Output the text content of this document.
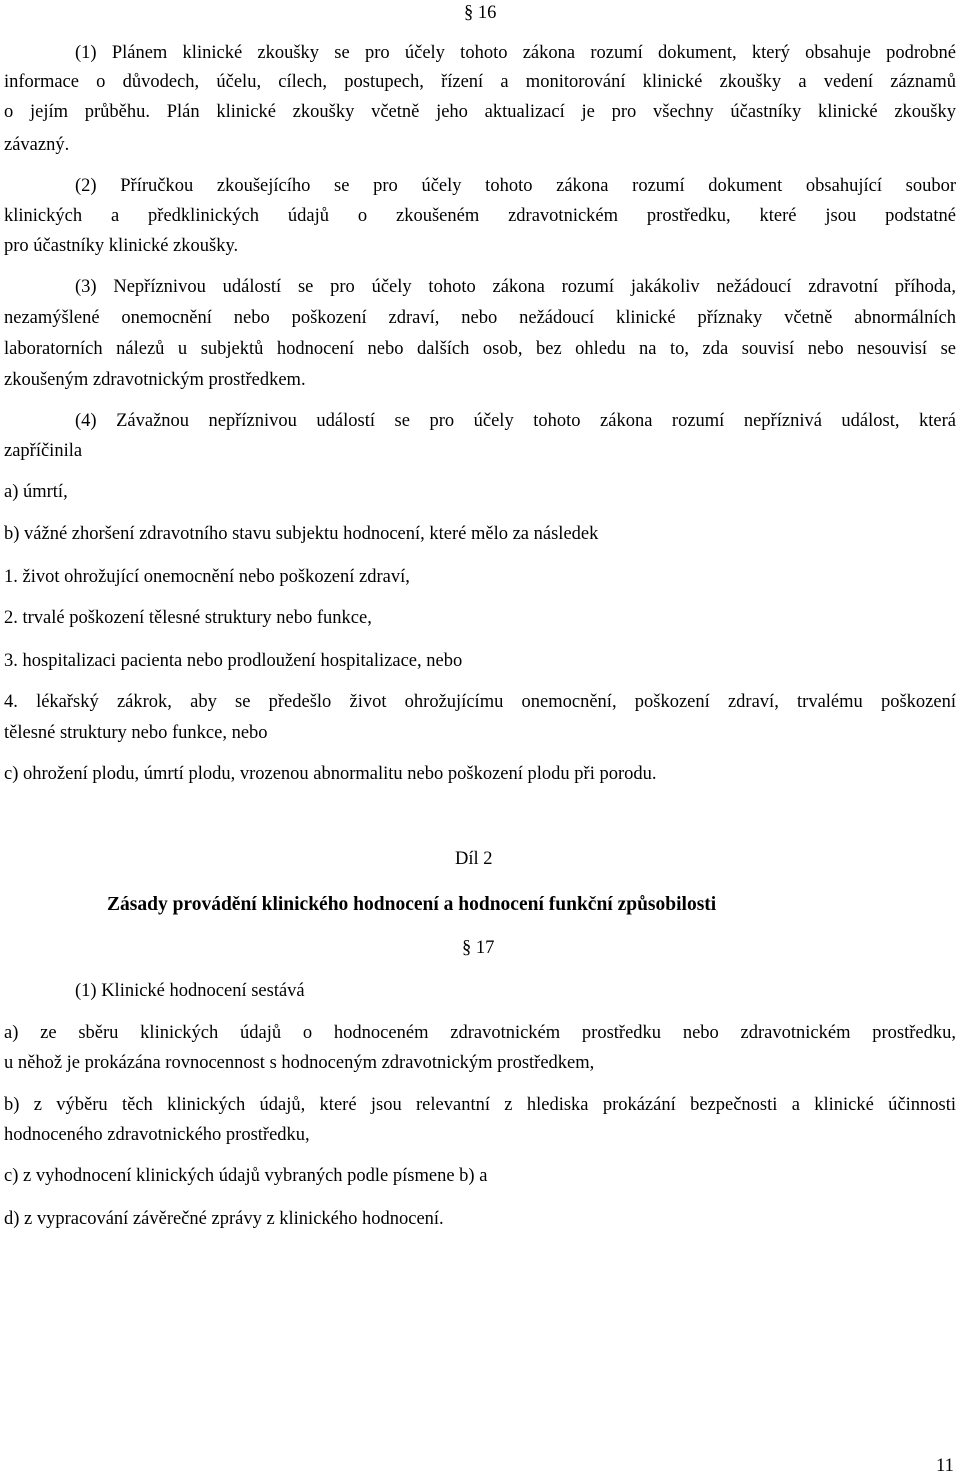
§ 16
(1) Plánem klinické zkoušky se pro účely tohoto zákona rozumí dokument, který obsahuje podrobné
informace o důvodech, účelu, cílech, postupech, řízení a monitorování klinické zkoušky a vedení záznamů
o jejím průběhu. Plán klinické zkoušky včetně jeho aktualizací je pro všechny účastníky klinické zkoušky
závazný.
(2) Příručkou zkoušejícího se pro účely tohoto zákona rozumí dokument obsahující soubor
klinických a předklinických údajů o zkoušeném zdravotnickém prostředku, které jsou podstatné
pro účastníky klinické zkoušky.
(3) Nepříznivou událostí se pro účely tohoto zákona rozumí jakákoliv nežádoucí zdravotní příhoda,
nezamýšlené onemocnění nebo poškození zdraví, nebo nežádoucí klinické příznaky včetně abnormálních
laboratorních nálezů u subjektů hodnocení nebo dalších osob, bez ohledu na to, zda souvisí nebo nesouvisí se
zkoušeným zdravotnickým prostředkem.
(4) Závažnou nepříznivou událostí se pro účely tohoto zákona rozumí nepříznivá událost, která
zapříčinila
a) úmrtí,
b) vážné zhoršení zdravotního stavu subjektu hodnocení, které mělo za následek
1. život ohrožující onemocnění nebo poškození zdraví,
2. trvalé poškození tělesné struktury nebo funkce,
3. hospitalizaci pacienta nebo prodloužení hospitalizace, nebo
4. lékařský zákrok, aby se předešlo život ohrožujícímu onemocnění, poškození zdraví, trvalému poškození
tělesné struktury nebo funkce, nebo
c) ohrožení plodu, úmrtí plodu, vrozenou abnormalitu nebo poškození plodu při porodu.
Díl 2
Zásady provádění klinického hodnocení a hodnocení funkční způsobilosti
§ 17
(1) Klinické hodnocení sestává
a) ze sběru klinických údajů o hodnoceném zdravotnickém prostředku nebo zdravotnickém prostředku,
u něhož je prokázána rovnocennost s hodnoceným zdravotnickým prostředkem,
b) z výběru těch klinických údajů, které jsou relevantní z hlediska prokázání bezpečnosti a klinické účinnosti
hodnoceného zdravotnického prostředku,
c) z vyhodnocení klinických údajů vybraných podle písmene b) a
d) z vypracování závěrečné zprávy z klinického hodnocení.
11
